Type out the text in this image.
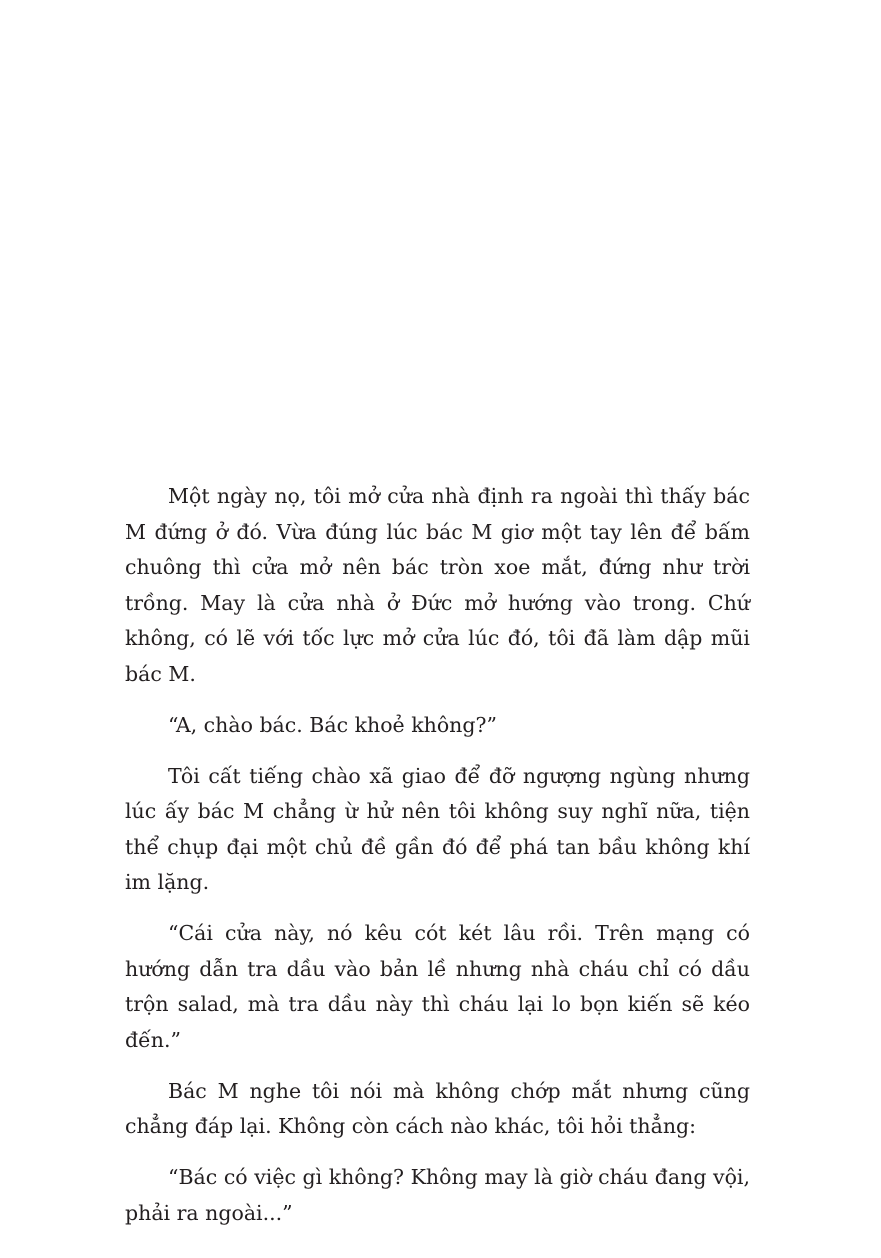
Một ngày nọ, tôi mở cửa nhà định ra ngoài thì thấy bác M đứng ở đó. Vừa đúng lúc bác M giơ một tay lên để bấm chuông thì cửa mở nên bác tròn xoe mắt, đứng như trời trồng. May là cửa nhà ở Đức mở hướng vào trong. Chứ không, có lẽ với tốc lực mở cửa lúc đó, tôi đã làm dập mũi bác M.

“A, chào bác. Bác khoẻ không?”

Tôi cất tiếng chào xã giao để đỡ ngượng ngùng nhưng lúc ấy bác M chẳng ừ hử nên tôi không suy nghĩ nữa, tiện thể chụp đại một chủ đề gần đó để phá tan bầu không khí im lặng.

“Cái cửa này, nó kêu cót két lâu rồi. Trên mạng có hướng dẫn tra dầu vào bản lề nhưng nhà cháu chỉ có dầu trộn salad, mà tra dầu này thì cháu lại lo bọn kiến sẽ kéo đến.”

Bác M nghe tôi nói mà không chớp mắt nhưng cũng chẳng đáp lại. Không còn cách nào khác, tôi hỏi thẳng:

“Bác có việc gì không? Không may là giờ cháu đang vội, phải ra ngoài...”
